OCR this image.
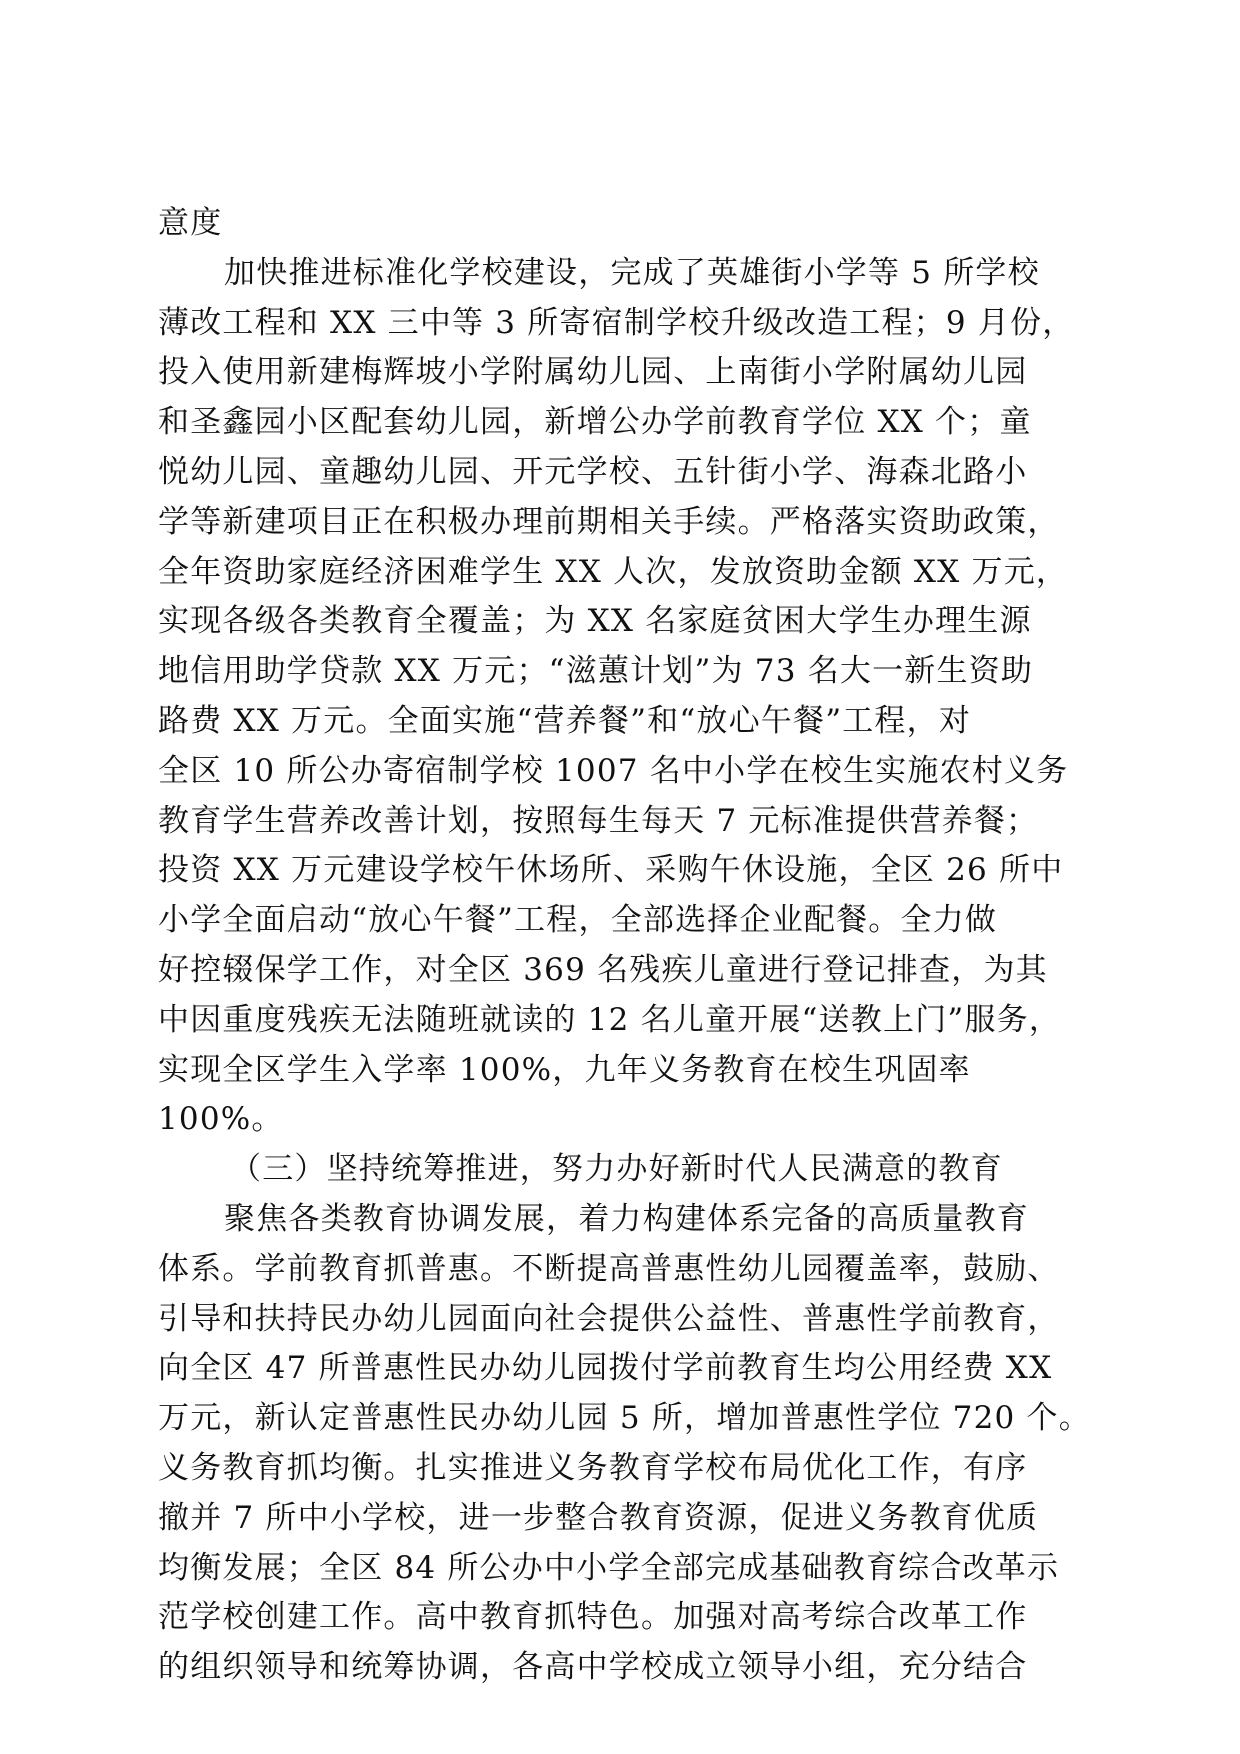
意度
加快推进标准化学校建设，完成了英雄街小学等 5 所学校
薄改工程和 XX 三中等 3 所寄宿制学校升级改造工程；9 月份，
投入使用新建梅辉坡小学附属幼儿园、上南街小学附属幼儿园
和圣鑫园小区配套幼儿园，新增公办学前教育学位 XX 个；童
悦幼儿园、童趣幼儿园、开元学校、五针街小学、海森北路小
学等新建项目正在积极办理前期相关手续。严格落实资助政策，
全年资助家庭经济困难学生 XX 人次，发放资助金额 XX 万元，
实现各级各类教育全覆盖；为 XX 名家庭贫困大学生办理生源
地信用助学贷款 XX 万元；“滋蕙计划”为 73 名大一新生资助
路费 XX 万元。全面实施“营养餐”和“放心午餐”工程，对
全区 10 所公办寄宿制学校 1007 名中小学在校生实施农村义务
教育学生营养改善计划，按照每生每天 7 元标准提供营养餐；
投资 XX 万元建设学校午休场所、采购午休设施，全区 26 所中
小学全面启动“放心午餐”工程，全部选择企业配餐。全力做
好控辍保学工作，对全区 369 名残疾儿童进行登记排查，为其
中因重度残疾无法随班就读的 12 名儿童开展“送教上门”服务，
实现全区学生入学率 100%，九年义务教育在校生巩固率
100%。
（三）坚持统筹推进，努力办好新时代人民满意的教育
聚焦各类教育协调发展，着力构建体系完备的高质量教育
体系。学前教育抓普惠。不断提高普惠性幼儿园覆盖率，鼓励、
引导和扶持民办幼儿园面向社会提供公益性、普惠性学前教育，
向全区 47 所普惠性民办幼儿园拨付学前教育生均公用经费 XX
万元，新认定普惠性民办幼儿园 5 所，增加普惠性学位 720 个。
义务教育抓均衡。扎实推进义务教育学校布局优化工作，有序
撤并 7 所中小学校，进一步整合教育资源，促进义务教育优质
均衡发展；全区 84 所公办中小学全部完成基础教育综合改革示
范学校创建工作。高中教育抓特色。加强对高考综合改革工作
的组织领导和统筹协调，各高中学校成立领导小组，充分结合
